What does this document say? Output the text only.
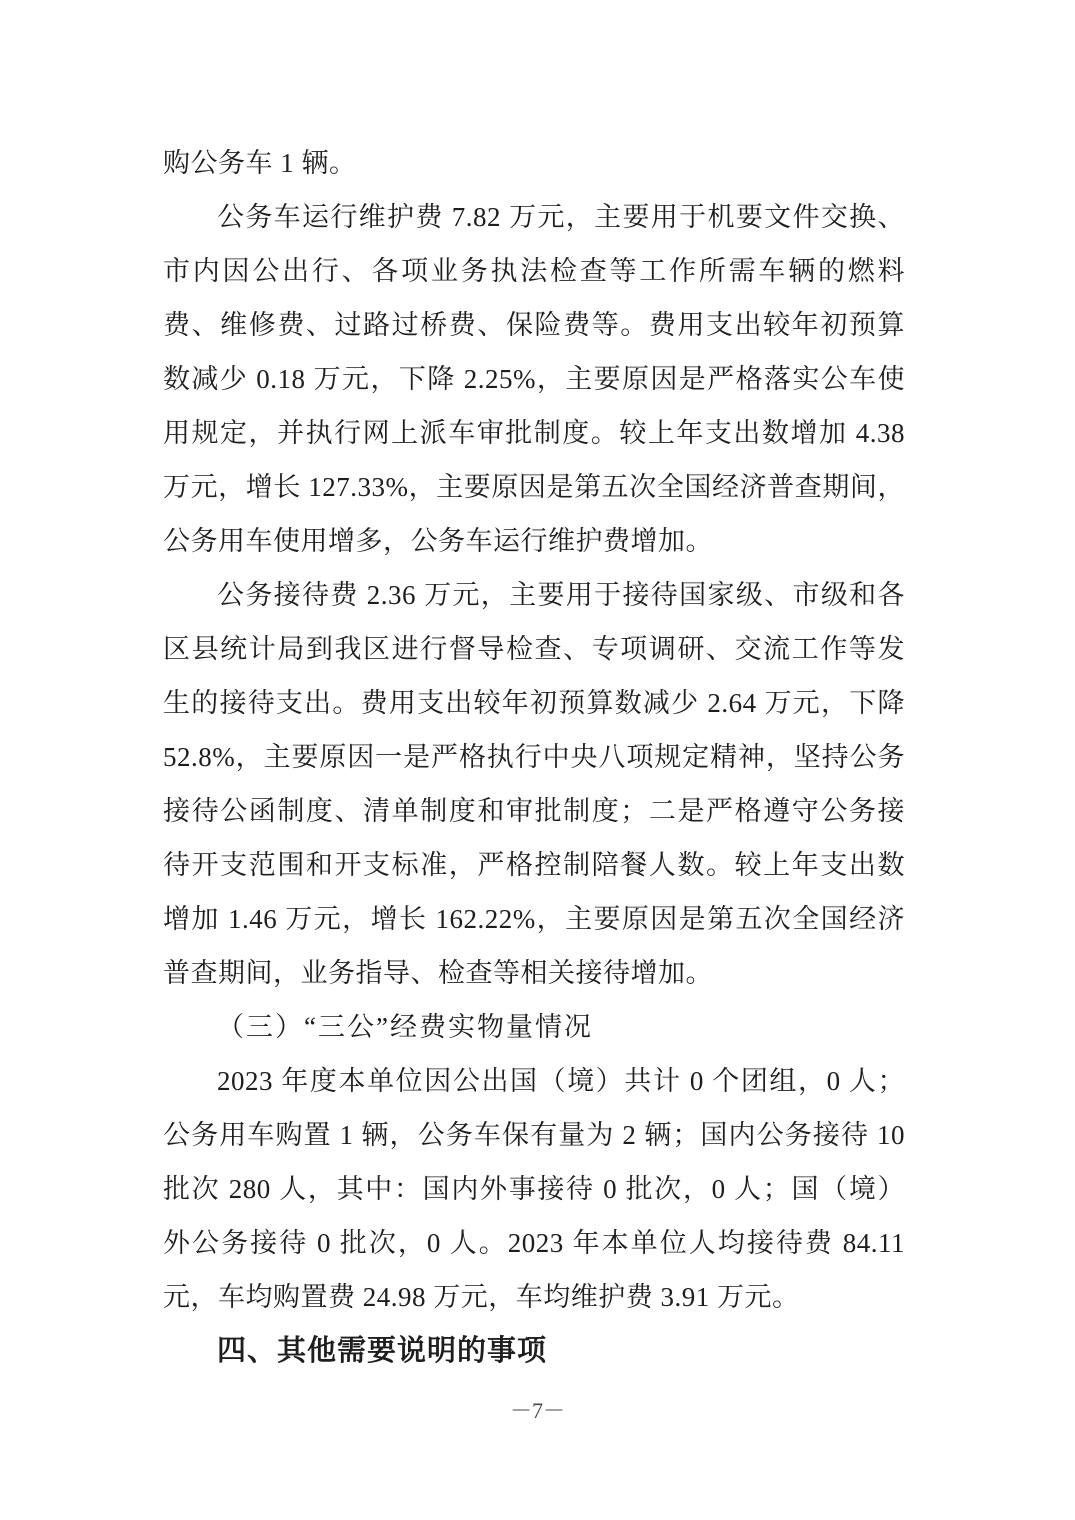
购公务车 1 辆。
公务车运行维护费 7.82 万元，主要用于机要文件交换、
市内因公出行、各项业务执法检查等工作所需车辆的燃料
费、维修费、过路过桥费、保险费等。费用支出较年初预算
数减少 0.18 万元，下降 2.25%，主要原因是严格落实公车使
用规定，并执行网上派车审批制度。较上年支出数增加 4.38
万元，增长 127.33%，主要原因是第五次全国经济普查期间，
公务用车使用增多，公务车运行维护费增加。
公务接待费 2.36 万元，主要用于接待国家级、市级和各
区县统计局到我区进行督导检查、专项调研、交流工作等发
生的接待支出。费用支出较年初预算数减少 2.64 万元，下降
52.8%，主要原因一是严格执行中央八项规定精神，坚持公务
接待公函制度、清单制度和审批制度；二是严格遵守公务接
待开支范围和开支标准，严格控制陪餐人数。较上年支出数
增加 1.46 万元，增长 162.22%，主要原因是第五次全国经济
普查期间，业务指导、检查等相关接待增加。
（三）“三公”经费实物量情况
2023 年度本单位因公出国（境）共计 0 个团组，0 人；
公务用车购置 1 辆，公务车保有量为 2 辆；国内公务接待 10
批次 280 人，其中：国内外事接待 0 批次，0 人；国（境）
外公务接待 0 批次，0 人。2023 年本单位人均接待费 84.11
元，车均购置费 24.98 万元，车均维护费 3.91 万元。
四、其他需要说明的事项
－7－
